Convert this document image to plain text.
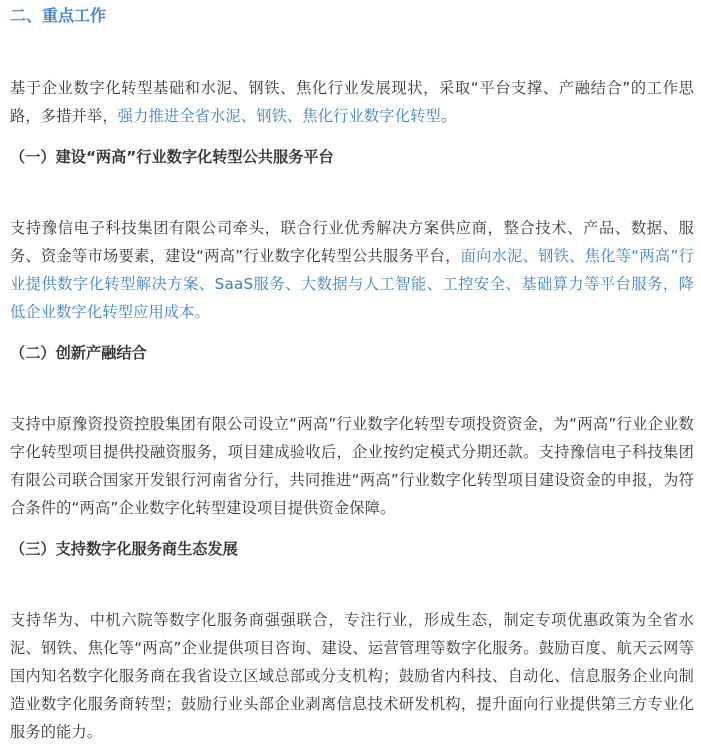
二、重点工作

基于企业数字化转型基础和水泥、钢铁、焦化行业发展现状，采取“平台支撑、产融结合”的工作思路，多措并举，强力推进全省水泥、钢铁、焦化行业数字化转型。

（一）建设“两高”行业数字化转型公共服务平台

支持豫信电子科技集团有限公司牵头，联合行业优秀解决方案供应商，整合技术、产品、数据、服务、资金等市场要素，建设“两高”行业数字化转型公共服务平台，面向水泥、钢铁、焦化等“两高”行业提供数字化转型解决方案、SaaS服务、大数据与人工智能、工控安全、基础算力等平台服务，降低企业数字化转型应用成本。

（二）创新产融结合

支持中原豫资投资控股集团有限公司设立“两高”行业数字化转型专项投资资金，为“两高”行业企业数字化转型项目提供投融资服务，项目建成验收后，企业按约定模式分期还款。支持豫信电子科技集团有限公司联合国家开发银行河南省分行，共同推进“两高”行业数字化转型项目建设资金的申报，为符合条件的“两高”企业数字化转型建设项目提供资金保障。

（三）支持数字化服务商生态发展

支持华为、中机六院等数字化服务商强强联合，专注行业，形成生态，制定专项优惠政策为全省水泥、钢铁、焦化等“两高”企业提供项目咨询、建设、运营管理等数字化服务。鼓励百度、航天云网等国内知名数字化服务商在我省设立区域总部或分支机构；鼓励省内科技、自动化、信息服务企业向制造业数字化服务商转型；鼓励行业头部企业剥离信息技术研发机构，提升面向行业提供第三方专业化服务的能力。
